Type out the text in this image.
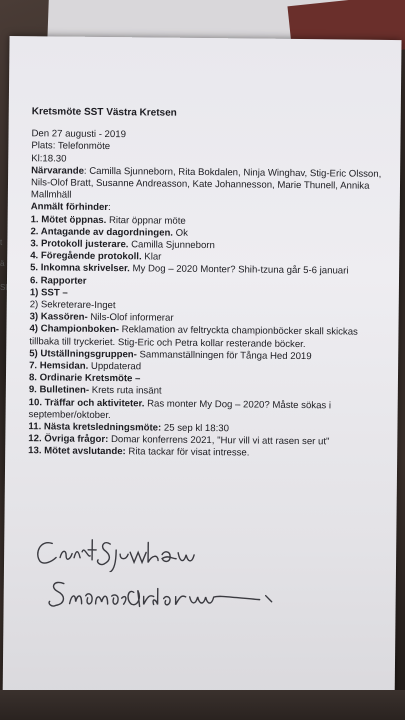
Kretsmöte SST Västra Kretsen

Den 27 augusti - 2019

Plats: Telefonmöte

Kl:18.30

Närvarande: Camilla Sjunneborn, Rita Bokdalen, Ninja Winghav, Stig-Eric Olsson, Nils-Olof Bratt, Susanne Andreasson, Kate Johannesson, Marie Thunell, Annika Mallmhäll

Anmält förhinder:

1. Mötet öppnas. Ritar öppnar möte

2. Antagande av dagordningen. Ok

3. Protokoll justerare. Camilla Sjunneborn

4. Föregående protokoll. Klar

5. Inkomna skrivelser. My Dog – 2020 Monter? Shih-tzuna går 5-6 januari

6. Rapporter

1) SST –

2) Sekreterare-Inget

3) Kassören- Nils-Olof informerar

4) Championboken- Reklamation av feltryckta championböcker skall skickas tillbaka till tryckeriet. Stig-Eric och Petra kollar resterande böcker.

5) Utställningsgruppen- Sammanställningen för Tånga Hed 2019

7. Hemsidan. Uppdaterad

8. Ordinarie Kretsmöte –

9. Bulletinen- Krets ruta insänt

10. Träffar och aktiviteter. Ras monter My Dog – 2020? Måste sökas i september/oktober.

11. Nästa kretsledningsmöte: 25 sep kl 18:30

12. Övriga frågor: Domar konferrens 2021, "Hur vill vi att rasen ser ut"

13. Mötet avslutande: Rita tackar för visat intresse.

t
ä
Sl
